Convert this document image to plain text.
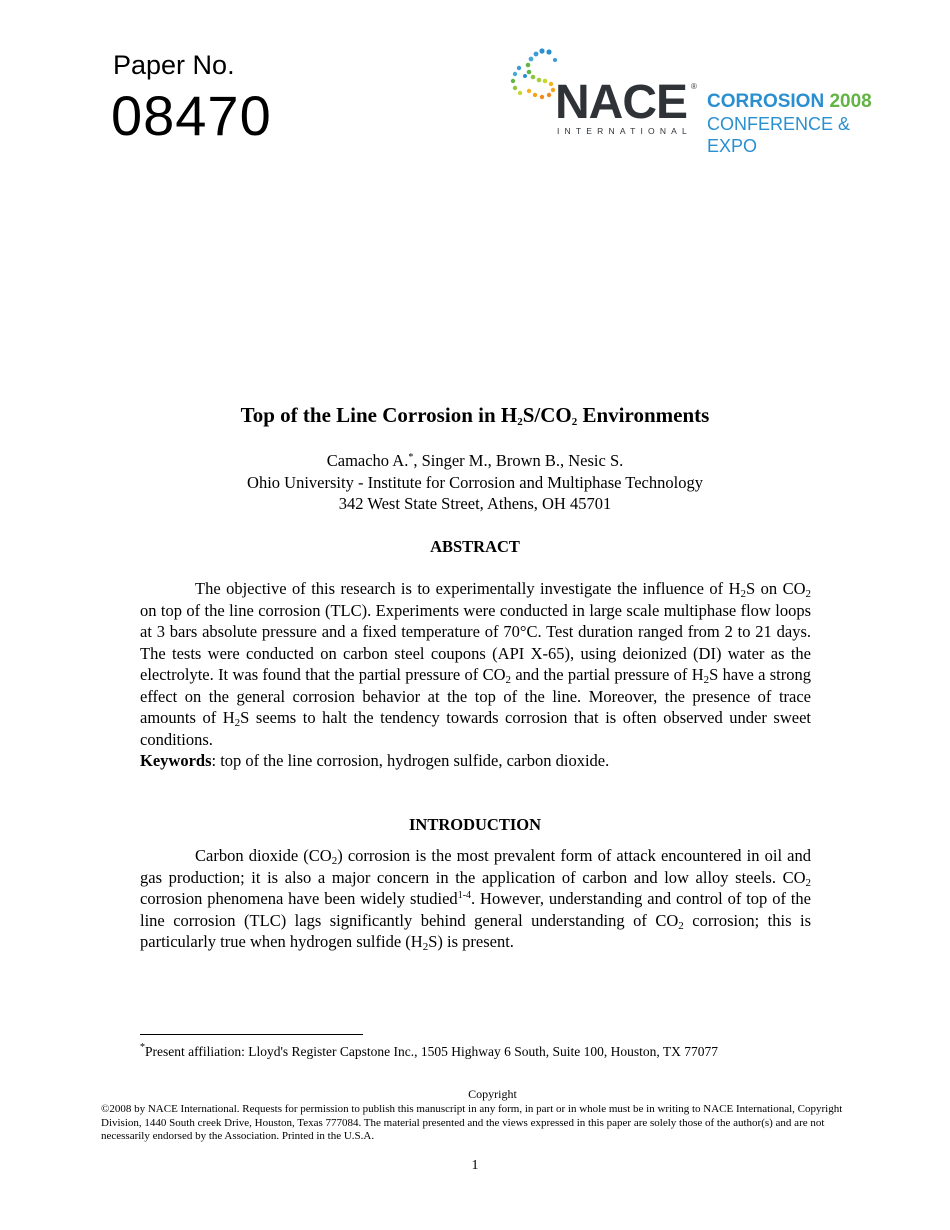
Paper No.
08470	NACE ®
INTERNATIONAL
CORROSION 2008
CONFERENCE & EXPO
Top of the Line Corrosion in $H_2S/CO_2$ Environments
Camacho A.*, Singer M., Brown B., Nesic S.
Ohio University - Institute for Corrosion and Multiphase Technology
342 West State Street, Athens, OH 45701
ABSTRACT

The objective of this research is to experimentally investigate the influence of $H_2S$ on $CO_2$ on top of the line corrosion (TLC). Experiments were conducted in large scale multiphase flow loops at 3 bars absolute pressure and a fixed temperature of 70°C. Test duration ranged from 2 to 21 days. The tests were conducted on carbon steel coupons (API X-65), using deionized (DI) water as the electrolyte. It was found that the partial pressure of $CO_2$ and the partial pressure of $H_2S$ have a strong effect on the general corrosion behavior at the top of the line. Moreover, the presence of trace amounts of $H_2S$ seems to halt the tendency towards corrosion that is often observed under sweet conditions.

Keywords: top of the line corrosion, hydrogen sulfide, carbon dioxide.
INTRODUCTION

Carbon dioxide $(CO_2)$ corrosion is the most prevalent form of attack encountered in oil and gas production; it is also a major concern in the application of carbon and low alloy steels. $CO_2$ corrosion phenomena have been widely studied$^{1-4}$. However, understanding and control of top of the line corrosion (TLC) lags significantly behind general understanding of $CO_2$ corrosion; this is particularly true when hydrogen sulfide $(H_2S)$ is present.

*Present affiliation: Lloyd's Register Capstone Inc., 1505 Highway 6 South, Suite 100, Houston, TX 77077
Copyright
©2008 by NACE International. Requests for permission to publish this manuscript in any form, in part or in whole must be in writing to NACE International, Copyright Division, 1440 South creek Drive, Houston, Texas 777084. The material presented and the views expressed in this paper are solely those of the author(s) and are not necessarily endorsed by the Association. Printed in the U.S.A.
1
